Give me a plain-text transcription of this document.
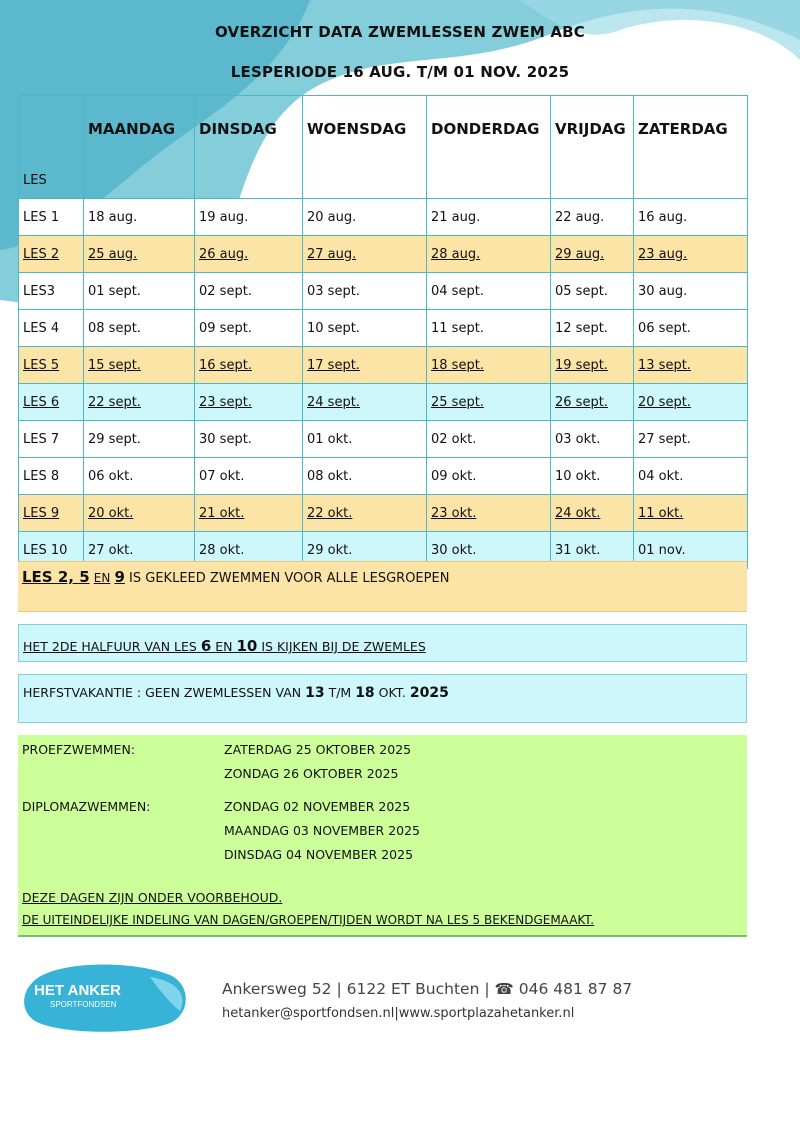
OVERZICHT DATA ZWEMLESSEN ZWEM ABC
LESPERIODE 16 AUG. T/M 01 NOV. 2025
LES	MAANDAG	DINSDAG	WOENSDAG	DONDERDAG	VRIJDAG	ZATERDAG
LES 1	18 aug.	19 aug.	20 aug.	21 aug.	22 aug.	16 aug.
LES 2	25 aug.	26 aug.	27 aug.	28 aug.	29 aug.	23 aug.
LES3	01 sept.	02 sept.	03 sept.	04 sept.	05 sept.	30 aug.
LES 4	08 sept.	09 sept.	10 sept.	11 sept.	12 sept.	06 sept.
LES 5	15 sept.	16 sept.	17 sept.	18 sept.	19 sept.	13 sept.
LES 6	22 sept.	23 sept.	24 sept.	25 sept.	26 sept.	20 sept.
LES 7	29 sept.	30 sept.	01 okt.	02 okt.	03 okt.	27 sept.
LES 8	06 okt.	07 okt.	08 okt.	09 okt.	10 okt.	04 okt.
LES 9	20 okt.	21 okt.	22 okt.	23 okt.	24 okt.	11 okt.
LES 10	27 okt.	28 okt.	29 okt.	30 okt.	31 okt.	01 nov.
LES 2, 5 EN 9 IS GEKLEED ZWEMMEN VOOR ALLE LESGROEPEN
HET 2DE HALFUUR VAN LES 6 EN 10 IS KIJKEN BIJ DE ZWEMLES
HERFSTVAKANTIE : GEEN ZWEMLESSEN VAN 13 T/M 18 OKT. 2025
PROEFZWEMMEN:	ZATERDAG 25 OKTOBER 2025
ZONDAG 26 OKTOBER 2025
DIPLOMAZWEMMEN:	ZONDAG 02 NOVEMBER 2025
MAANDAG 03 NOVEMBER 2025
DINSDAG 04 NOVEMBER 2025
DEZE DAGEN ZIJN ONDER VOORBEHOUD.
DE UITEINDELIJKE INDELING VAN DAGEN/GROEPEN/TIJDEN WORDT NA LES 5 BEKENDGEMAAKT.
HET ANKER
SPORTFONDSEN
Ankersweg 52 | 6122 ET Buchten | ☎ 046 481 87 87
hetanker@sportfondsen.nl|www.sportplazahetanker.nl
